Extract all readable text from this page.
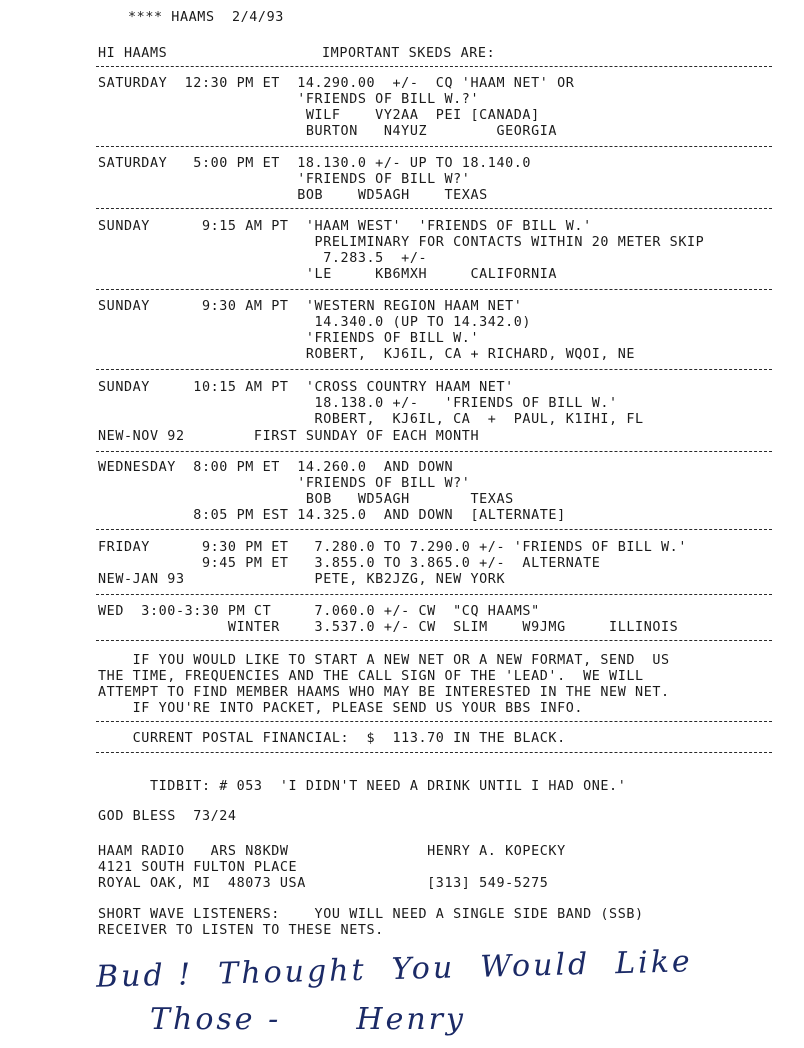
**** HAAMS  2/4/93
HI HAAMS	IMPORTANT SKEDS ARE:
SATURDAY  12:30 PM ET  14.290.00  +/-  CQ 'HAAM NET' OR
'FRIENDS OF BILL W.?'
WILF    VY2AA  PEI [CANADA]
BURTON   N4YUZ        GEORGIA
SATURDAY   5:00 PM ET  18.130.0 +/- UP TO 18.140.0
'FRIENDS OF BILL W?'
BOB    WD5AGH    TEXAS
SUNDAY      9:15 AM PT  'HAAM WEST'  'FRIENDS OF BILL W.'
PRELIMINARY FOR CONTACTS WITHIN 20 METER SKIP
7.283.5  +/-
'LE     KB6MXH     CALIFORNIA
SUNDAY      9:30 AM PT  'WESTERN REGION HAAM NET'
14.340.0 (UP TO 14.342.0)
'FRIENDS OF BILL W.'
ROBERT,  KJ6IL, CA + RICHARD, WQOI, NE
SUNDAY     10:15 AM PT  'CROSS COUNTRY HAAM NET'
18.138.0 +/-   'FRIENDS OF BILL W.'
ROBERT,  KJ6IL, CA  +  PAUL, K1IHI, FL
NEW-NOV 92        FIRST SUNDAY OF EACH MONTH
WEDNESDAY  8:00 PM ET  14.260.0  AND DOWN
'FRIENDS OF BILL W?'
BOB   WD5AGH       TEXAS
8:05 PM EST 14.325.0  AND DOWN  [ALTERNATE]
FRIDAY      9:30 PM ET   7.280.0 TO 7.290.0 +/- 'FRIENDS OF BILL W.'
9:45 PM ET   3.855.0 TO 3.865.0 +/-  ALTERNATE
NEW-JAN 93               PETE, KB2JZG, NEW YORK
WED  3:00-3:30 PM CT     7.060.0 +/- CW  "CQ HAAMS"
WINTER    3.537.0 +/- CW  SLIM    W9JMG     ILLINOIS
IF YOU WOULD LIKE TO START A NEW NET OR A NEW FORMAT, SEND  US
THE TIME, FREQUENCIES AND THE CALL SIGN OF THE 'LEAD'.  WE WILL
ATTEMPT TO FIND MEMBER HAAMS WHO MAY BE INTERESTED IN THE NEW NET.
IF YOU'RE INTO PACKET, PLEASE SEND US YOUR BBS INFO.
CURRENT POSTAL FINANCIAL:  $  113.70 IN THE BLACK.
TIDBIT: # 053  'I DIDN'T NEED A DRINK UNTIL I HAD ONE.'
GOD BLESS  73/24
HAAM RADIO   ARS N8KDW                HENRY A. KOPECKY
4121 SOUTH FULTON PLACE
ROYAL OAK, MI  48073 USA              [313] 549-5275
SHORT WAVE LISTENERS:    YOU WILL NEED A SINGLE SIDE BAND (SSB)
RECEIVER TO LISTEN TO THESE NETS.
Bud !  Thought  You  Would  Like
Those -      Henry
